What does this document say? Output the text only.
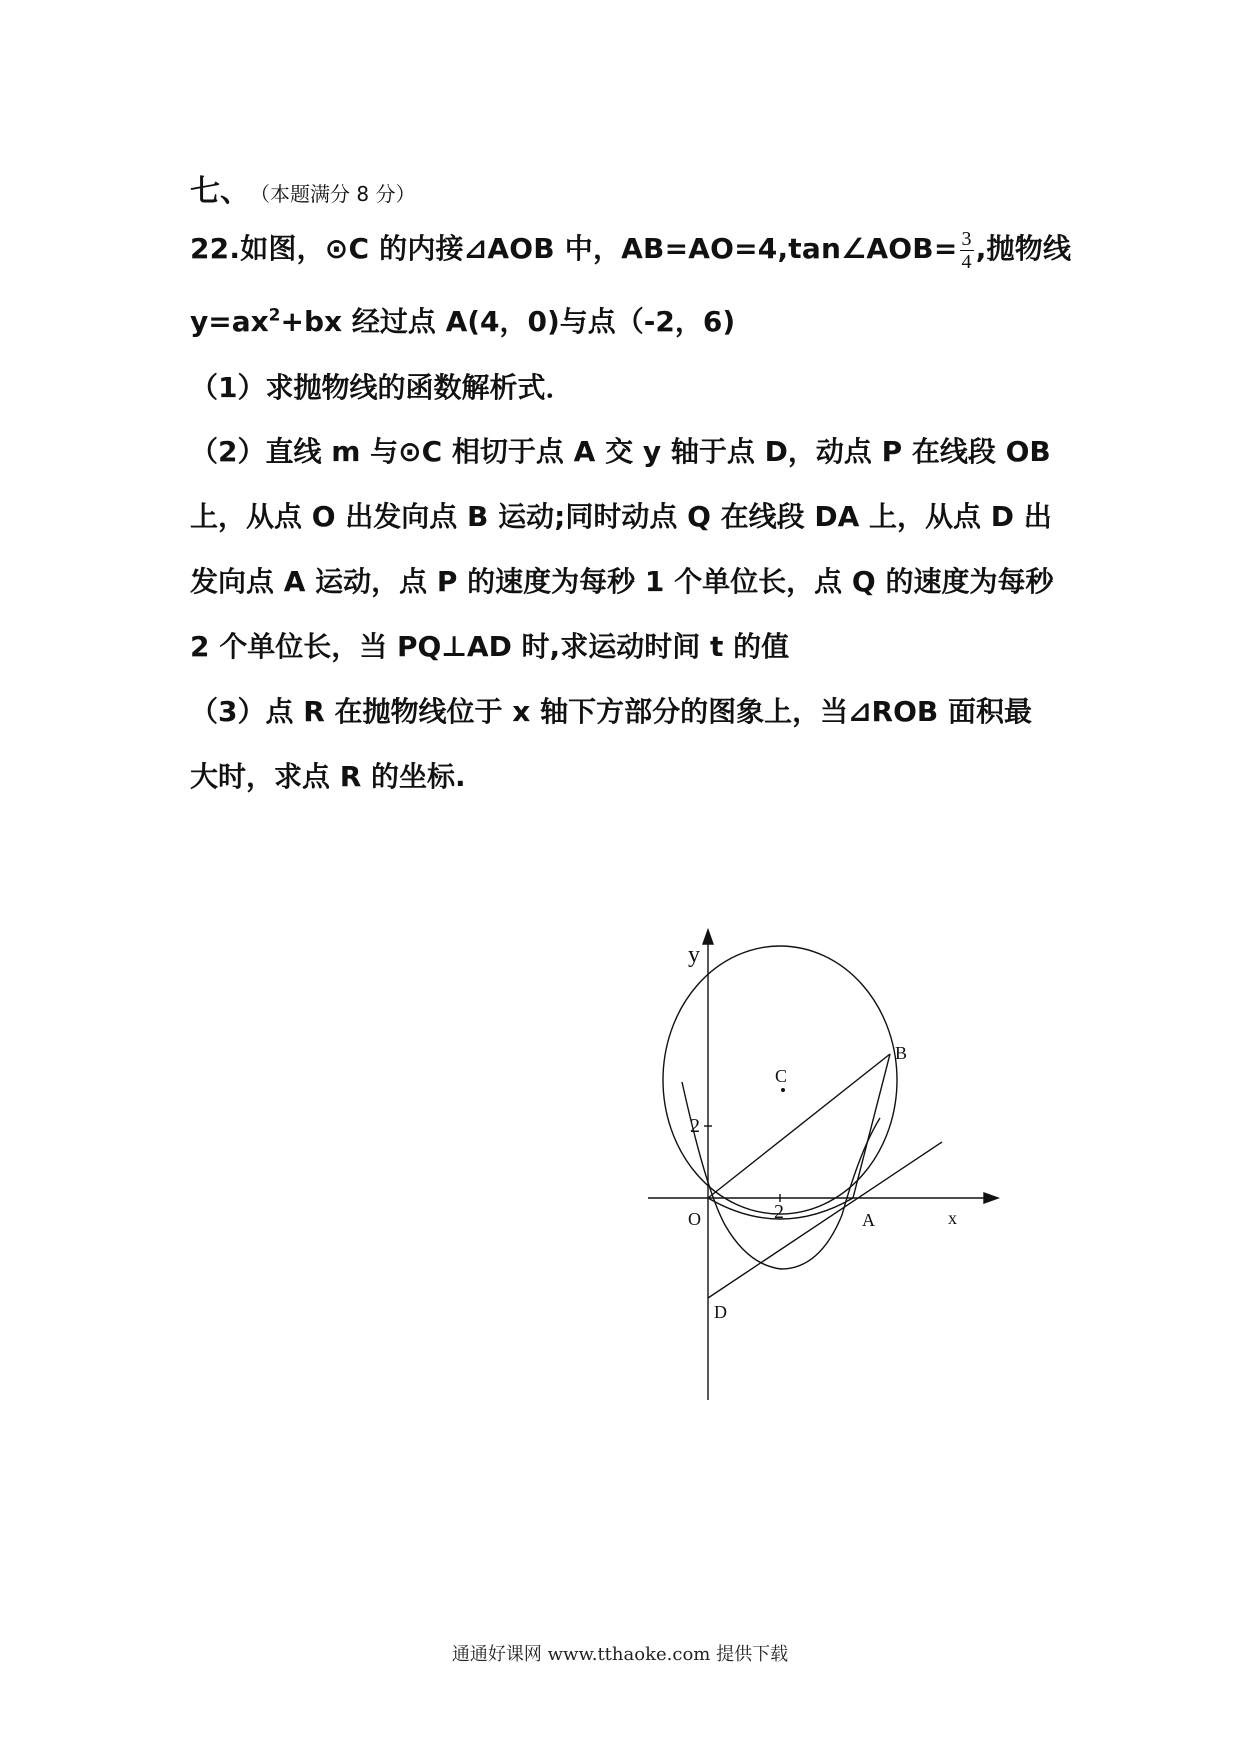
七、 （本题满分 8 分）
22.如图，⊙C 的内接⊿AOB 中，AB=AO=4,tan∠AOB= $\frac{3}{4}$ ,抛物线
$y=ax^2+bx$ 经过点 A(4，0)与点（-2，6)
（1）求抛物线的函数解析式．
（2）直线 m 与⊙C 相切于点 A 交 y 轴于点 D，动点 P 在线段 OB
上，从点 O 出发向点 B 运动;同时动点 Q 在线段 DA 上，从点 D 出
发向点 A 运动，点 P 的速度为每秒 1 个单位长，点 Q 的速度为每秒
2 个单位长，当 PQ⊥AD 时,求运动时间 t 的值
（3）点 R 在抛物线位于 x 轴下方部分的图象上，当⊿ROB 面积最
大时，求点 R 的坐标.
y
x
O	A
B
C
D
2
2
通通好课网 www.tthaoke.com 提供下载
